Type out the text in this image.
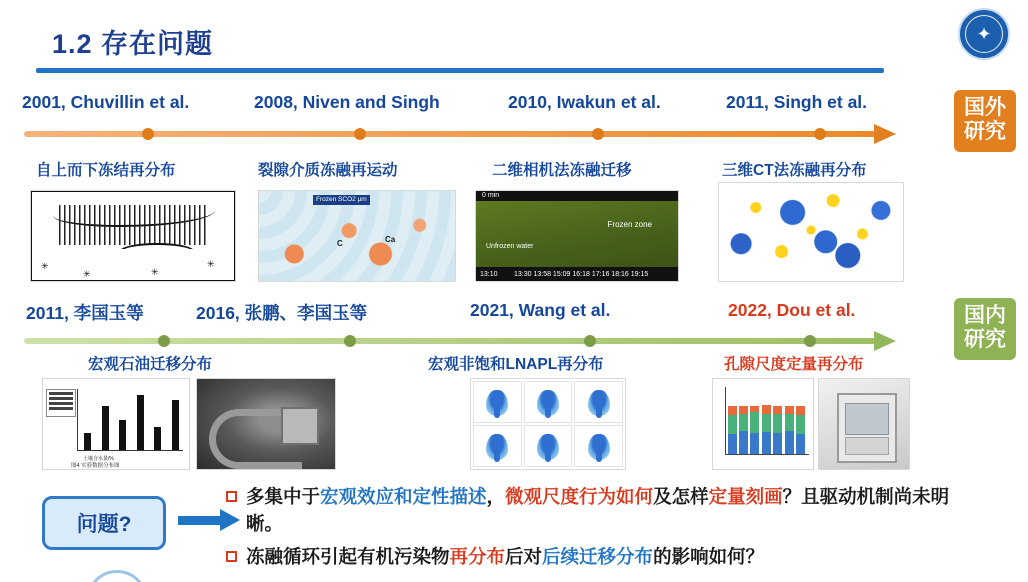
1.2 存在问题	✦
国外
研究
2001, Chuvillin et al.	2008, Niven and Singh	2010, Iwakun et al.	2011, Singh et al.
自上而下冻结再分布	裂隙介质冻融再运动	二维相机法冻融迁移	三维CT法冻融再分布
✳
✳	✳
✳
Frozen SCO2 μm
C	Ca
0 min
Frozen zone
Unfrozen water
13:10 13:30 13:58 15:09 16:18 17:16 18:16 19:15
国内
研究
2011, 李国玉等	2016, 张鹏、李国玉等	2021, Wang et al.	2022, Dou et al.
宏观石油迁移分布	宏观非饱和LNAPL再分布	孔隙尺度定量再分布
土壤含水量/%
图4 实验数据分布图
问题?
多集中于宏观效应和定性描述，微观尺度行为如何及怎样定量刻画？且驱动机制尚未明晰。
冻融循环引起有机污染物再分布后对后续迁移分布的影响如何？
